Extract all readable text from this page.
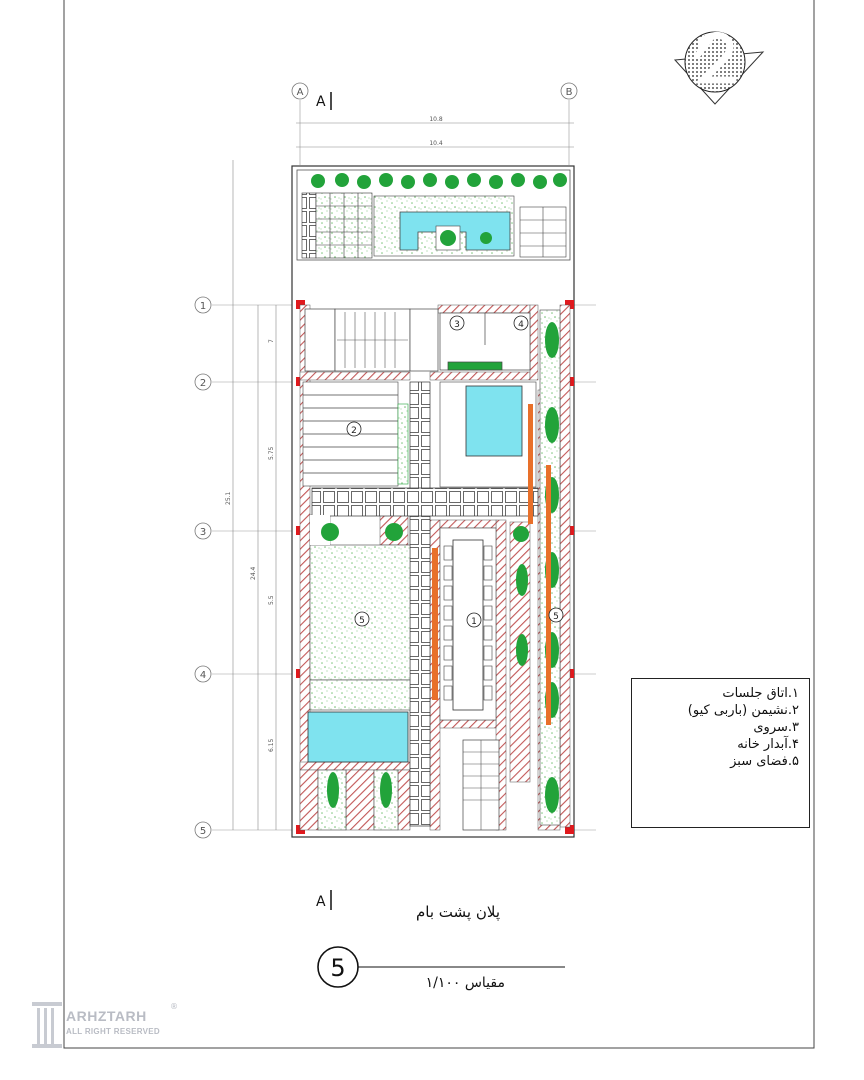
A	B
10.8
10.4
A
A
1
2
3
4
5
25.1
24.4
7
5.75
5.5
6.15
1
2
3	4
5	5
5
پلان پشت بام
مقیاس ۱/۱۰۰
۱.اتاق جلسات
۲.نشیمن (باربی کیو)
۳.سروی
۴.آبدار خانه
۵.فضای سبز
ARHZTARH
ALL RIGHT RESERVED
®
